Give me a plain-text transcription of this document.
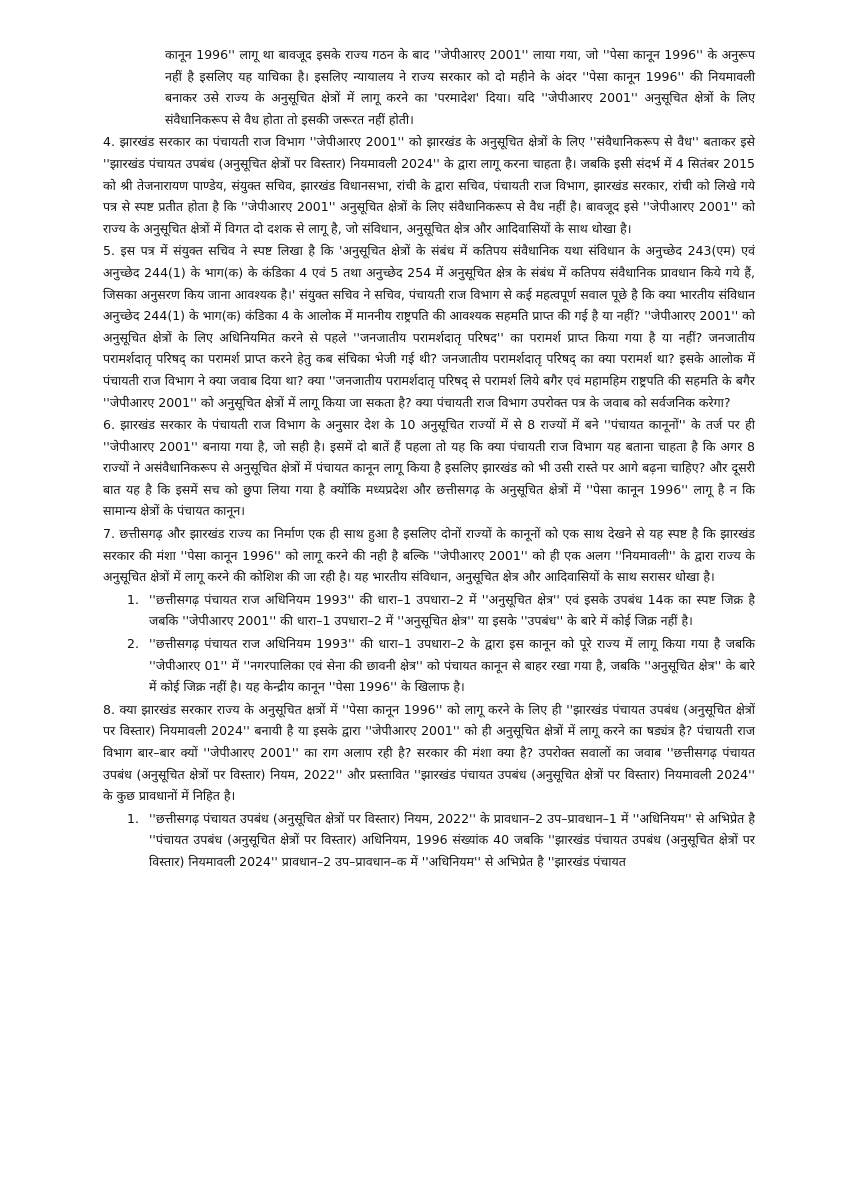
कानून 1996'' लागू था बावजूद इसके राज्य गठन के बाद ''जेपीआरए 2001'' लाया गया, जो ''पेसा कानून 1996'' के अनुरूप नहीं है इसलिए यह याचिका है। इसलिए न्यायालय ने राज्य सरकार को दो महीने के अंदर ''पेसा कानून 1996'' की नियमावली बनाकर उसे राज्य के अनुसूचित क्षेत्रों में लागू करने का 'परमादेश' दिया। यदि ''जेपीआरए 2001'' अनुसूचित क्षेत्रों के लिए संवैधानिकरूप से वैध होता तो इसकी जरूरत नहीं होती।

4. झारखंड सरकार का पंचायती राज विभाग ''जेपीआरए 2001'' को झारखंड के अनुसूचित क्षेत्रों के लिए ''संवैधानिकरूप से वैध'' बताकर इसे ''झारखंड पंचायत उपबंध (अनुसूचित क्षेत्रों पर विस्तार) नियमावली 2024'' के द्वारा लागू करना चाहता है। जबकि इसी संदर्भ में 4 सितंबर 2015 को श्री तेजनारायण पाण्डेय, संयुक्त सचिव, झारखंड विधानसभा, रांची के द्वारा सचिव, पंचायती राज विभाग, झारखंड सरकार, रांची को लिखे गये पत्र से स्पष्ट प्रतीत होता है कि ''जेपीआरए 2001'' अनुसूचित क्षेत्रों के लिए संवैधानिकरूप से वैध नहीं है। बावजूद इसे ''जेपीआरए 2001'' को राज्य के अनुसूचित क्षेत्रों में विगत दो दशक से लागू है, जो संविधान, अनुसूचित क्षेत्र और आदिवासियों के साथ धोखा है।

5. इस पत्र में संयुक्त सचिव ने स्पष्ट लिखा है कि 'अनुसूचित क्षेत्रों के संबंध में कतिपय संवैधानिक यथा संविधान के अनुच्छेद 243(एम) एवं अनुच्छेद 244(1) के भाग(क) के कंडिका 4 एवं 5 तथा अनुच्छेद 254 में अनुसूचित क्षेत्र के संबंध में कतिपय संवैधानिक प्रावधान किये गये हैं, जिसका अनुसरण किय जाना आवश्यक है।' संयुक्त सचिव ने सचिव, पंचायती राज विभाग से कई महत्वपूर्ण सवाल पूछे है कि क्या भारतीय संविधान अनुच्छेद 244(1) के भाग(क) कंडिका 4 के आलोक में माननीय राष्ट्रपति की आवश्यक सहमति प्राप्त की गई है या नहीं? ''जेपीआरए 2001'' को अनुसूचित क्षेत्रों के लिए अधिनियमित करने से पहले ''जनजातीय परामर्शदातृ परिषद'' का परामर्श प्राप्त किया गया है या नहीं? जनजातीय परामर्शदातृ परिषद् का परामर्श प्राप्त करने हेतु कब संचिका भेजी गई थी? जनजातीय परामर्शदातृ परिषद् का क्या परामर्श था? इसके आलोक में पंचायती राज विभाग ने क्या जवाब दिया था? क्या ''जनजातीय परामर्शदातृ परिषद् से परामर्श लिये बगैर एवं महामहिम राष्ट्रपति की सहमति के बगैर ''जेपीआरए 2001'' को अनुसूचित क्षेत्रों में लागू किया जा सकता है? क्या पंचायती राज विभाग उपरोक्त पत्र के जवाब को सर्वजनिक करेगा?

6. झारखंड सरकार के पंचायती राज विभाग के अनुसार देश के 10 अनुसूचित राज्यों में से 8 राज्यों में बने ''पंचायत कानूनों'' के तर्ज पर ही ''जेपीआरए 2001'' बनाया गया है, जो सही है। इसमें दो बातें हैं पहला तो यह कि क्या पंचायती राज विभाग यह बताना चाहता है कि अगर 8 राज्यों ने असंवैधानिकरूप से अनुसूचित क्षेत्रों में पंचायत कानून लागू किया है इसलिए झारखंड को भी उसी रास्ते पर आगे बढ़ना चाहिए? और दूसरी बात यह है कि इसमें सच को छुपा लिया गया है क्योंकि मध्यप्रदेश और छत्तीसगढ़ के अनुसूचित क्षेत्रों में ''पेसा कानून 1996'' लागू है न कि सामान्य क्षेत्रों के पंचायत कानून।

7. छत्तीसगढ़ और झारखंड राज्य का निर्माण एक ही साथ हुआ है इसलिए दोनों राज्यों के कानूनों को एक साथ देखने से यह स्पष्ट है कि झारखंड सरकार की मंशा ''पेसा कानून 1996'' को लागू करने की नही है बल्कि ''जेपीआरए 2001'' को ही एक अलग ''नियमावली'' के द्वारा राज्य के अनुसूचित क्षेत्रों में लागू करने की कोशिश की जा रही है। यह भारतीय संविधान, अनुसूचित क्षेत्र और आदिवासियों के साथ सरासर धोखा है।

1. ''छत्तीसगढ़ पंचायत राज अधिनियम 1993'' की धारा–1 उपधारा–2 में ''अनुसूचित क्षेत्र'' एवं इसके उपबंध 14क का स्पष्ट जिक्र है जबकि ''जेपीआरए 2001'' की धारा–1 उपधारा–2 में ''अनुसूचित क्षेत्र'' या इसके ''उपबंध'' के बारे में कोई जिक्र नहीं है।
2. ''छत्तीसगढ़ पंचायत राज अधिनियम 1993'' की धारा–1 उपधारा–2 के द्वारा इस कानून को पूरे राज्य में लागू किया गया है जबकि ''जेपीआरए 01'' में ''नगरपालिका एवं सेना की छावनी क्षेत्र'' को पंचायत कानून से बाहर रखा गया है, जबकि ''अनुसूचित क्षेत्र'' के बारे में कोई जिक्र नहीं है। यह केन्द्रीय कानून ''पेसा 1996'' के खिलाफ है।

8. क्या झारखंड सरकार राज्य के अनुसूचित क्षत्रों में ''पेसा कानून 1996'' को लागू करने के लिए ही ''झारखंड पंचायत उपबंध (अनुसूचित क्षेत्रों पर विस्तार) नियमावली 2024'' बनायी है या इसके द्वारा ''जेपीआरए 2001'' को ही अनुसूचित क्षेत्रों में लागू करने का षड्यंत्र है? पंचायती राज विभाग बार–बार क्यों ''जेपीआरए 2001'' का राग अलाप रही है? सरकार की मंशा क्या है? उपरोक्त सवालों का जवाब ''छत्तीसगढ़ पंचायत उपबंध (अनुसूचित क्षेत्रों पर विस्तार) नियम, 2022'' और प्रस्तावित ''झारखंड पंचायत उपबंध (अनुसूचित क्षेत्रों पर विस्तार) नियमावली 2024'' के कुछ प्रावधानों में निहित है।

1. ''छत्तीसगढ़ पंचायत उपबंध (अनुसूचित क्षेत्रों पर विस्तार) नियम, 2022'' के प्रावधान–2 उप–प्रावधान–1 में ''अधिनियम'' से अभिप्रेत है ''पंचायत उपबंध (अनुसूचित क्षेत्रों पर विस्तार) अधिनियम, 1996 संख्यांक 40 जबकि ''झारखंड पंचायत उपबंध (अनुसूचित क्षेत्रों पर विस्तार) नियमावली 2024'' प्रावधान–2 उप–प्रावधान–क में ''अधिनियम'' से अभिप्रेत है ''झारखंड पंचायत
